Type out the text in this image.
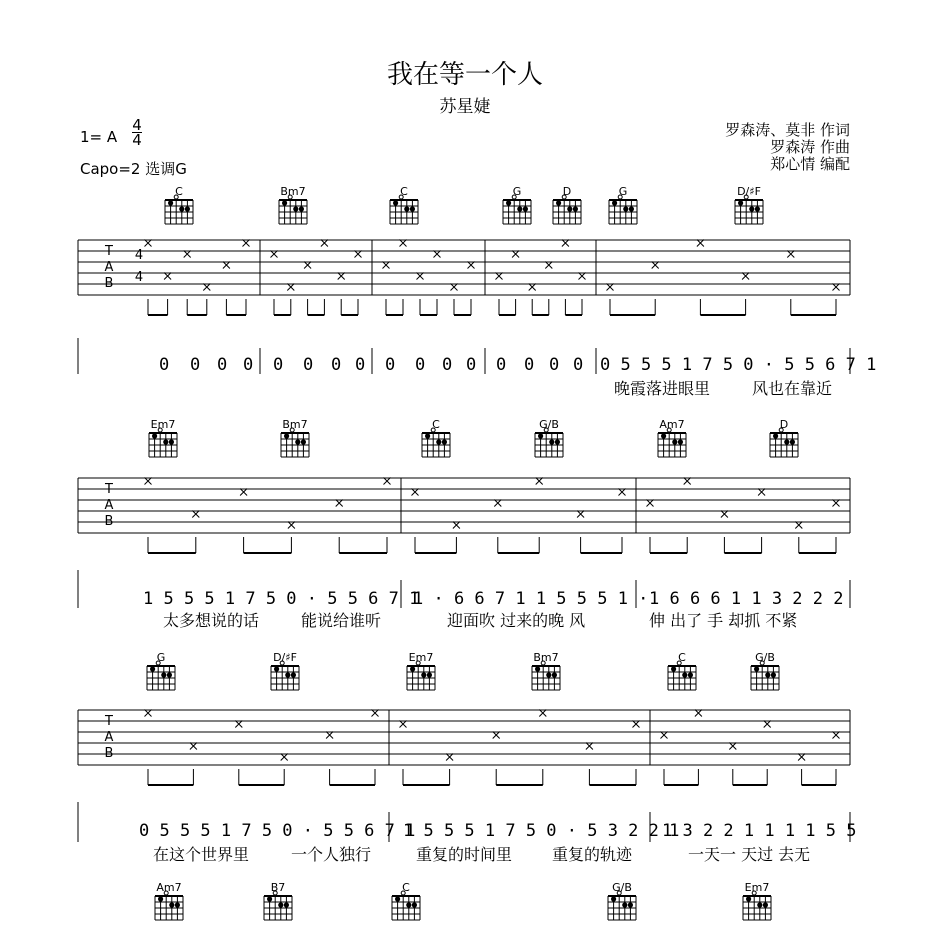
我在等一个人
苏星婕
1= A
4
4
Capo=2 选调G
罗森涛、莫非 作词
罗森涛 作曲
郑心情 编配
C	Bm7	C	G	D	G	D/♯F
T
A
B
4
4
0 0 0 0 0 0 0 0 0 0 0 0 0 0 0 0 0 5 5 5 1 7 5 0 · 5 5 6 7 1
晚霞落进眼里	风也在靠近
Em7	Bm7	C	G/B	Am7	D
T
A
B
1 5 5 5 1 7 5 0 · 5 5 6 7 1
1 · 6 6 7 1 1 5 5 5 1 · 1 6 6 6 1 1 3 2 2 2
太多想说的话	能说给谁听	迎面吹 过来的晚 风	伸 出了 手 却抓 不紧
G	D/♯F	Em7	Bm7	C	G/B
T
A
B
0 5 5 5 1 7 5 0 · 5 5 6 7 1
1 5 5 5 1 7 5 0 · 5 3 2 2 1
1 3 2 2 1 1 1 1 5 5
在这个世界里	一个人独行	重复的时间里 重复的轨迹	一天一 天过 去无
Am7	B7	C	G/B	Em7
